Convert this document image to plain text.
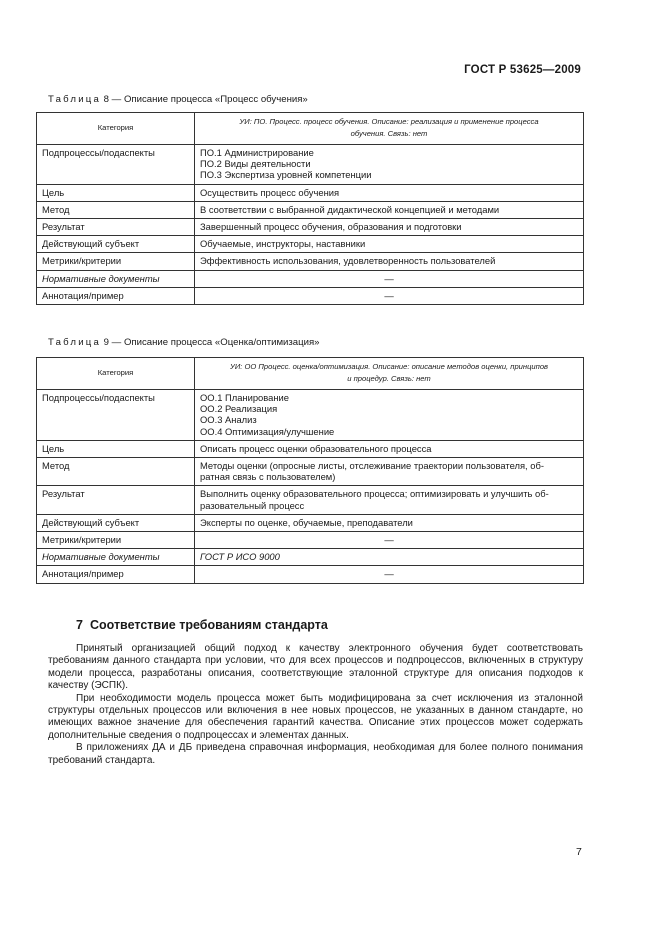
ГОСТ Р 53625—2009
Таблица 8 — Описание процесса «Процесс обучения»
Категория	УИ: ПО. Процесс. процесс обучения. Описание: реализация и применение процесса
обучения. Связь: нет

Подпроцессы/подаспекты	ПО.1 Администрирование
ПО.2 Виды деятельности
ПО.3 Экспертиза уровней компетенции

Цель	Осуществить процесс обучения
Метод	В соответствии с выбранной дидактической концепцией и методами
Результат	Завершенный процесс обучения, образования и подготовки
Действующий субъект	Обучаемые, инструкторы, наставники
Метрики/критерии	Эффективность использования, удовлетворенность пользователей
Нормативные документы	—
Аннотация/пример	—
Таблица 9 — Описание процесса «Оценка/оптимизация»
Категория	УИ: ОО Процесс. оценка/оптимизация. Описание: описание методов оценки, принципов
и процедур. Связь: нет

Подпроцессы/подаспекты	ОО.1 Планирование
ОО.2 Реализация
ОО.3 Анализ
ОО.4 Оптимизация/улучшение

Цель	Описать процесс оценки образовательного процесса
Метод	Методы оценки (опросные листы, отслеживание траектории пользователя, об-
ратная связь с пользователем)

Результат	Выполнить оценку образовательного процесса; оптимизировать и улучшить об-
разовательный процесс

Действующий субъект	Эксперты по оценке, обучаемые, преподаватели
Метрики/критерии	—
Нормативные документы	ГОСТ Р ИСО 9000
Аннотация/пример	—
7 Соответствие требованиям стандарта

Принятый организацией общий подход к качеству электронного обучения будет соответствовать требованиям данного стандарта при условии, что для всех процессов и подпроцессов, включенных в структуру модели процесса, разработаны описания, соответствующие эталонной структуре для описания подходов к качеству (ЭСПК).

При необходимости модель процесса может быть модифицирована за счет исключения из эталонной структуры отдельных процессов или включения в нее новых процессов, не указанных в данном стандарте, но имеющих важное значение для обеспечения гарантий качества. Описание этих процессов может содержать дополнительные сведения о подпроцессах и элементах данных.

В приложениях ДА и ДБ приведена справочная информация, необходимая для более полного понимания требований стандарта.

7
